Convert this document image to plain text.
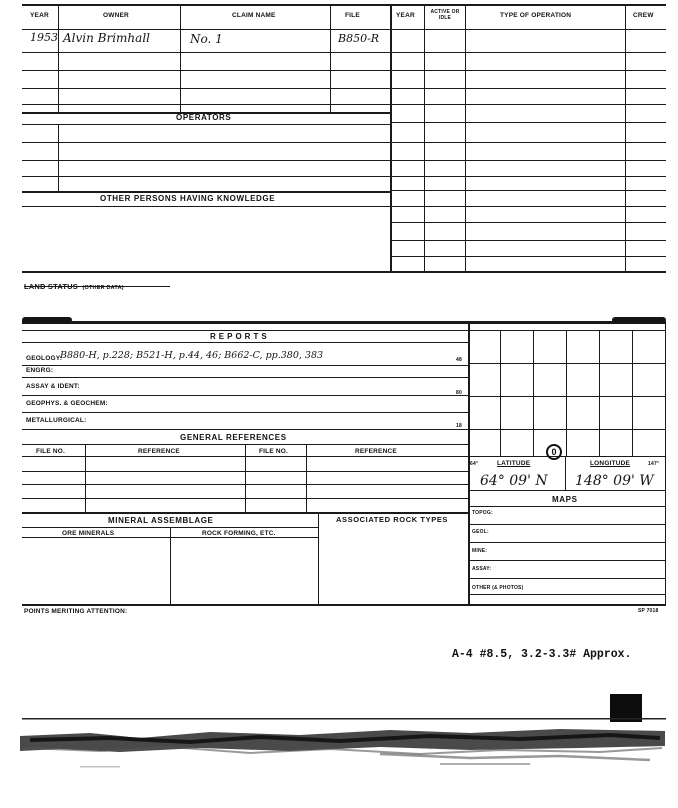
YEAR	OWNER	CLAIM NAME	FILE	YEAR	ACTIVE OR IDLE	TYPE OF OPERATION	CREW
1953 Alvin Brimhall	No. 1	B850-R
OPERATORS
OTHER PERSONS HAVING KNOWLEDGE
LAND STATUS (OTHER DATA)
REPORTS
GEOLOGY:
B880-H, p.228; B521-H, p.44, 46; B662-C, pp.380, 383
ENGRG:
ASSAY & IDENT:
GEOPHYS. & GEOCHEM:
METALLURGICAL:
48
80
18
GENERAL REFERENCES
FILE NO.	REFERENCE	FILE NO.	REFERENCE
MINERAL ASSEMBLAGE
ORE MINERALS	ROCK FORMING, ETC.
ASSOCIATED ROCK TYPES
0
64°	LATITUDE	LONGITUDE	147°
64° 09' N 148° 09' W
MAPS
TOPOG:
GEOL:
MINE:
ASSAY:
OTHER (& PHOTOS)
POINTS MERITING ATTENTION:	SP 7018
A-4 #8.5, 3.2-3.3# Approx.
